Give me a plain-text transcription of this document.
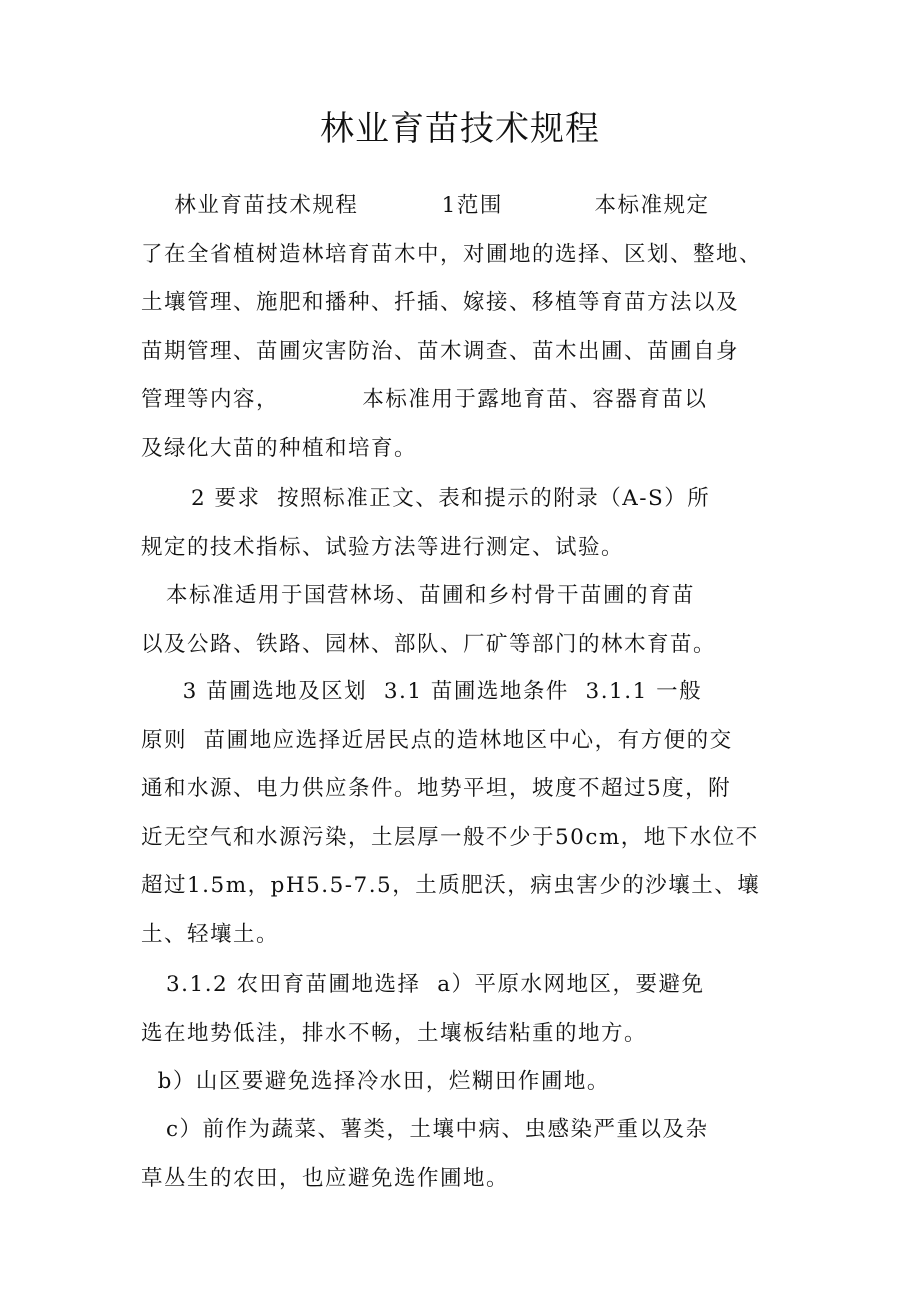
林业育苗技术规程
林业育苗技术规程          1范围           本标准规定
了在全省植树造林培育苗木中，对圃地的选择、区划、整地、
土壤管理、施肥和播种、扦插、嫁接、移植等育苗方法以及
苗期管理、苗圃灾害防治、苗木调查、苗木出圃、苗圃自身
管理等内容，          本标准用于露地育苗、容器育苗以
及绿化大苗的种植和培育。
2 要求  按照标准正文、表和提示的附录（A-S）所
规定的技术指标、试验方法等进行测定、试验。
本标准适用于国营林场、苗圃和乡村骨干苗圃的育苗
以及公路、铁路、园林、部队、厂矿等部门的林木育苗。
3 苗圃选地及区划  3.1 苗圃选地条件  3.1.1 一般
原则  苗圃地应选择近居民点的造林地区中心，有方便的交
通和水源、电力供应条件。地势平坦，坡度不超过5度，附
近无空气和水源污染，土层厚一般不少于50cm，地下水位不
超过1.5m，pH5.5-7.5，土质肥沃，病虫害少的沙壤土、壤
土、轻壤土。
3.1.2 农田育苗圃地选择  a）平原水网地区，要避免
选在地势低洼，排水不畅，土壤板结粘重的地方。
b）山区要避免选择冷水田，烂糊田作圃地。
c）前作为蔬菜、薯类，土壤中病、虫感染严重以及杂
草丛生的农田，也应避免选作圃地。
